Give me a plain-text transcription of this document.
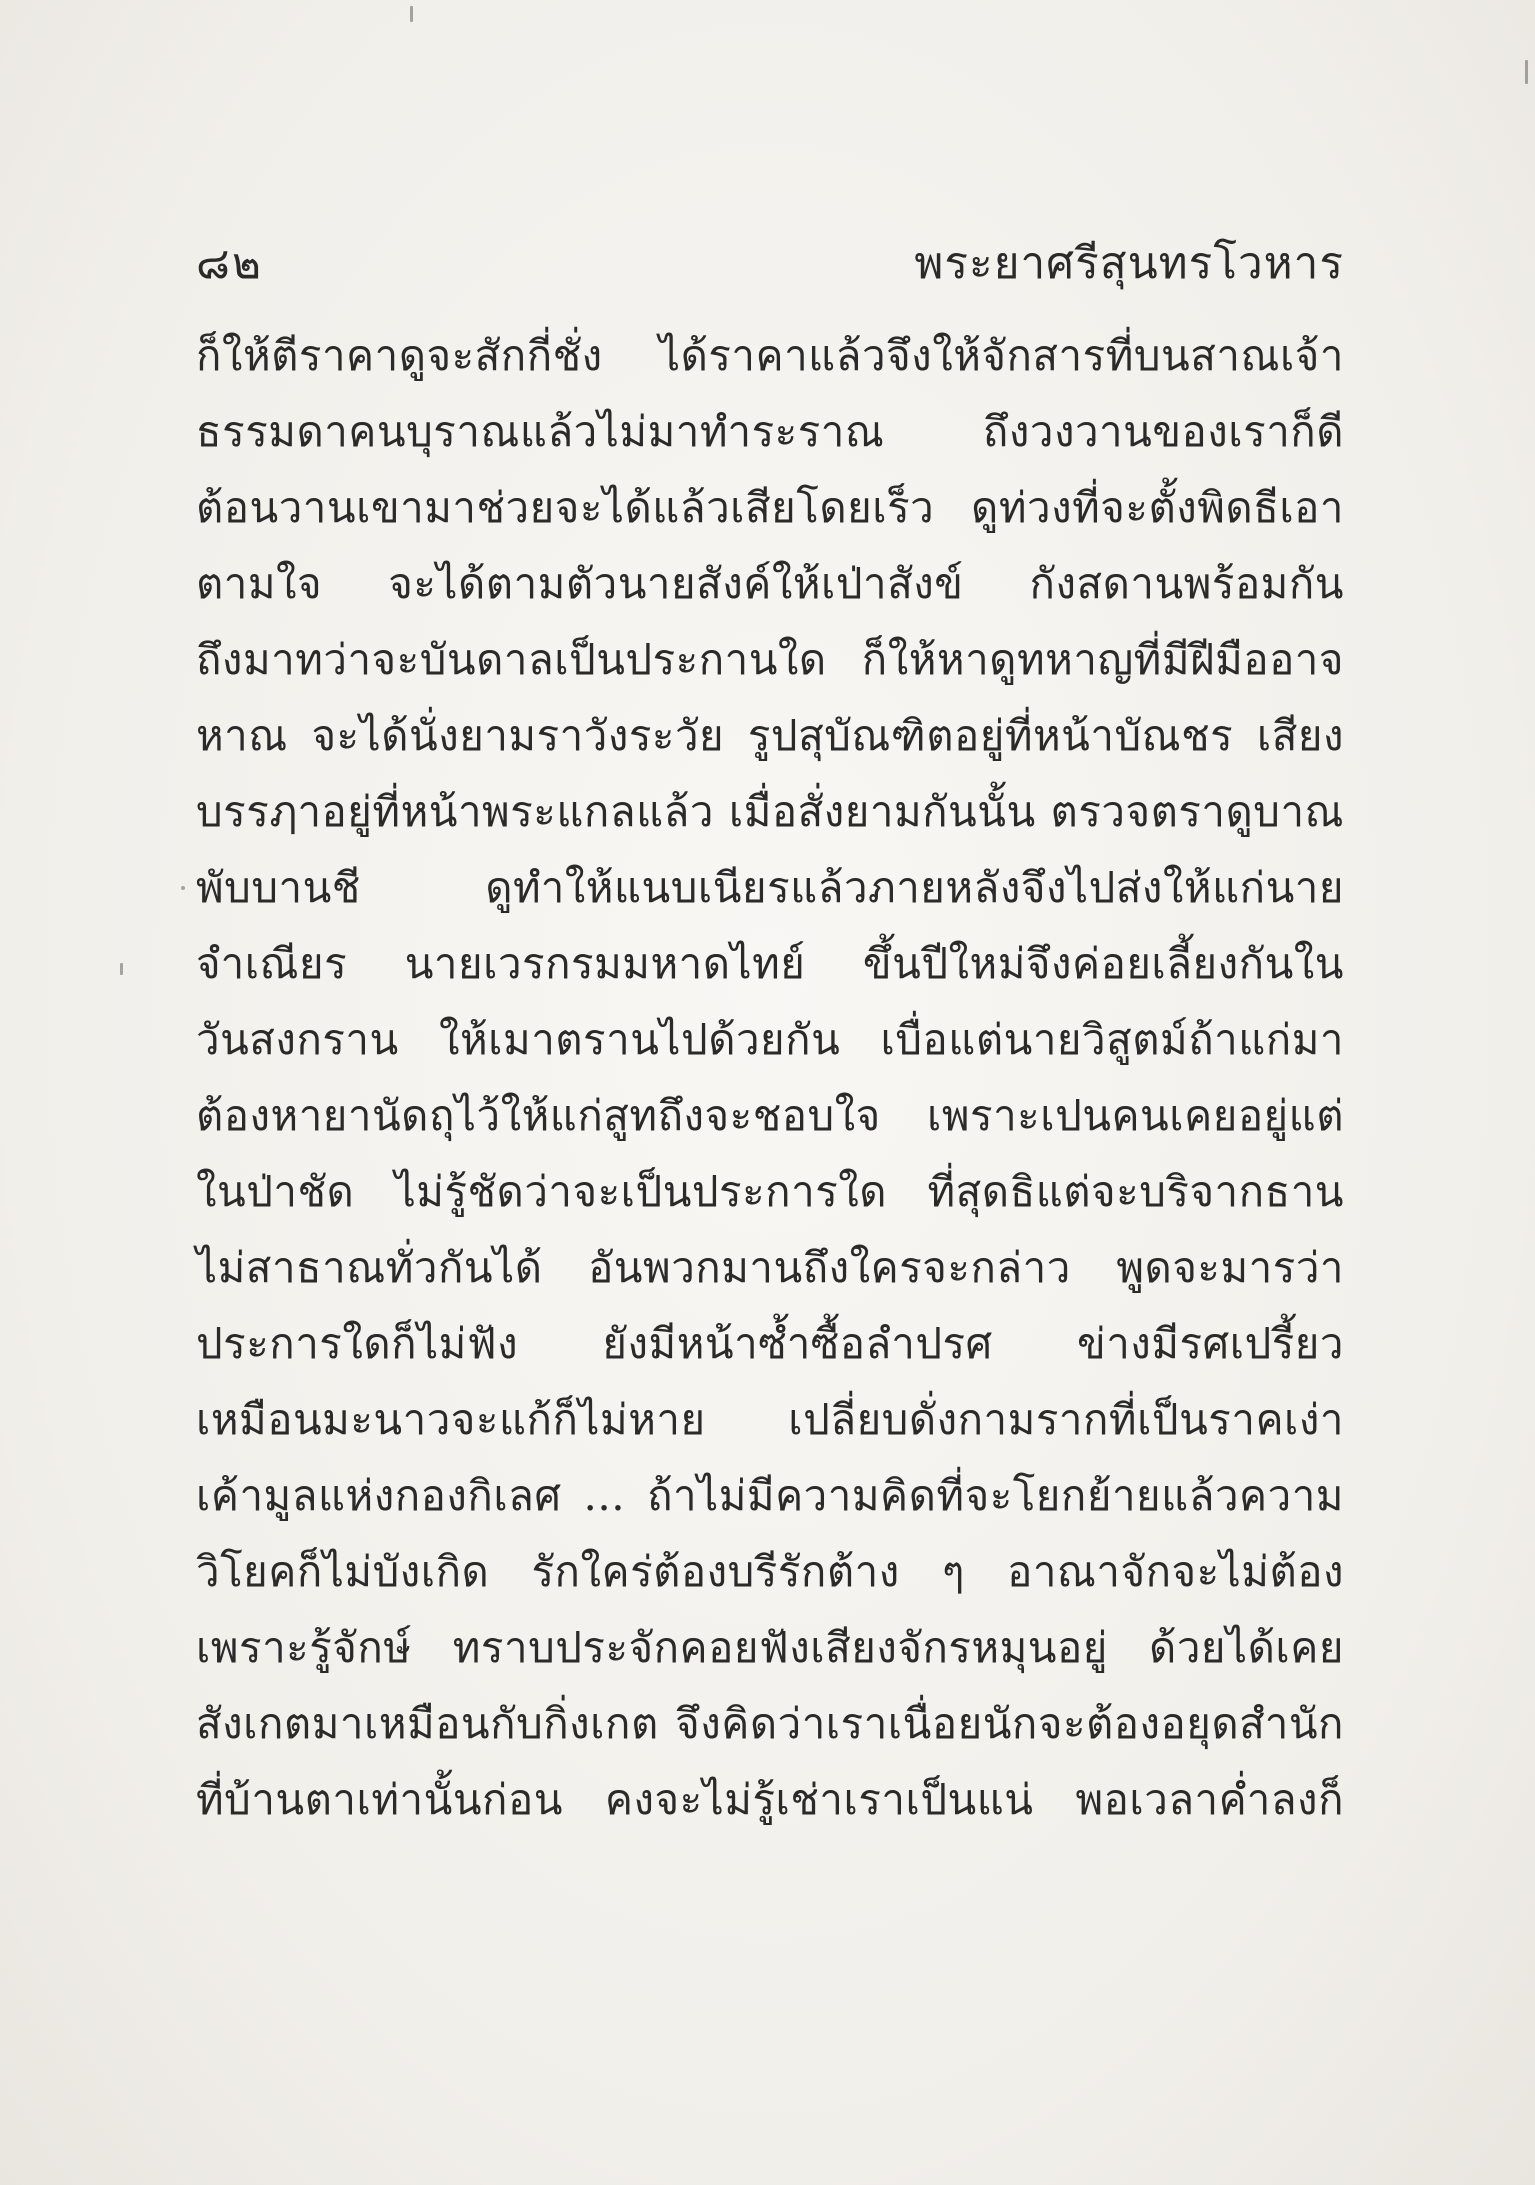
๘๒	พระยาศรีสุนทรโวหาร
ก็ให้ตีราคาดูจะสักกี่ชั่ง ได้ราคาแล้วจึงให้จักสารที่บนสาณเจ้า
ธรรมดาคนบุราณแล้วไม่มาทำระราณ ถึงวงวานของเราก็ดี
ต้อนวานเขามาช่วยจะได้แล้วเสียโดยเร็ว ดูท่วงที่จะตั้งพิดธีเอา
ตามใจ จะได้ตามตัวนายสังค์ให้เป่าสังข์ กังสดานพร้อมกัน
ถึงมาทว่าจะบันดาลเป็นประกานใด ก็ให้หาดูทหาญที่มีฝีมืออาจ
หาณ จะได้นั่งยามราวังระวัย รูปสุบัณฑิตอยู่ที่หน้าบัณชร เสียง
บรรฦาอยู่ที่หน้าพระแกลแล้ว เมื่อสั่งยามกันนั้น ตรวจตราดูบาณ
พับบานชี ดูทำให้แนบเนียรแล้วภายหลังจึงไปส่งให้แก่นาย
จำเณียร นายเวรกรมมหาดไทย์ ขึ้นปีใหม่จึงค่อยเลี้ยงกันใน
วันสงกราน ให้เมาตรานไปด้วยกัน เบื่อแต่นายวิสูตม์ถ้าแก่มา
ต้องหายานัดถุไว้ให้แก่สูทถึงจะชอบใจ เพราะเปนคนเคยอยู่แต่
ในป่าชัด ไม่รู้ชัดว่าจะเป็นประการใด ที่สุดธิแต่จะบริจากธาน
ไม่สาธาณทั่วกันได้ อันพวกมานถึงใครจะกล่าว พูดจะมารว่า
ประการใดก็ไม่ฟัง ยังมีหน้าซ้ำซื้อลำปรศ ข่างมีรศเปรี้ยว
เหมือนมะนาวจะแก้ก็ไม่หาย เปลี่ยบดั่งกามรากที่เป็นราคเง่า
เค้ามูลแห่งกองกิเลศ ... ถ้าไม่มีความคิดที่จะโยกย้ายแล้วความ
วิโยคก็ไม่บังเกิด รักใคร่ต้องบรีรักต้าง ๆ อาณาจักจะไม่ต้อง
เพราะรู้จักษ์ ทราบประจักคอยฟังเสียงจักรหมุนอยู่ ด้วยได้เคย
สังเกตมาเหมือนกับกิ่งเกต จึงคิดว่าเราเนื่อยนักจะต้องอยุดสำนัก
ที่บ้านตาเท่านั้นก่อน คงจะไม่รู้เช่าเราเป็นแน่ พอเวลาค่ำลงก็
